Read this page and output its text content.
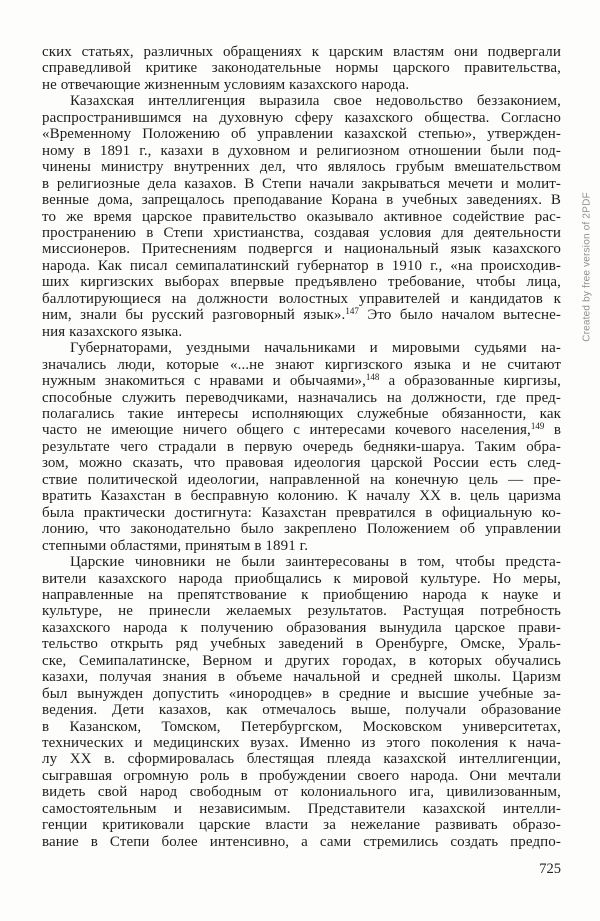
ских статьях, различных обращениях к царским властям они подвергали
справедливой критике законодательные нормы царского правительства,
не отвечающие жизненным условиям казахского народа.
Казахская интеллигенция выразила свое недовольство беззаконием,
распространившимся на духовную сферу казахского общества. Согласно
«Временному Положению об управлении казахской степью», утвержден-
ному в 1891 г., казахи в духовном и религиозном отношении были под-
чинены министру внутренних дел, что являлось грубым вмешательством
в религиозные дела казахов. В Степи начали закрываться мечети и молит-
венные дома, запрещалось преподавание Корана в учебных заведениях. В
то же время царское правительство оказывало активное содействие рас-
пространению в Степи христианства, создавая условия для деятельности
миссионеров. Притеснениям подвергся и национальный язык казахского
народа. Как писал семипалатинский губернатор в 1910 г., «на происходив-
ших киргизских выборах впервые предъявлено требование, чтобы лица,
баллотирующиеся на должности волостных управителей и кандидатов к
ним, знали бы русский разговорный язык».$^{147}$ Это было началом вытесне-
ния казахского языка.
Губернаторами, уездными начальниками и мировыми судьями на-
значались люди, которые «...не знают киргизского языка и не считают
нужным знакомиться с нравами и обычаями»,$^{148}$ а образованные киргизы,
способные служить переводчиками, назначались на должности, где пред-
полагались такие интересы исполняющих служебные обязанности, как
часто не имеющие ничего общего с интересами кочевого населения,$^{149}$ в
результате чего страдали в первую очередь бедняки-шаруа. Таким обра-
зом, можно сказать, что правовая идеология царской России есть след-
ствие политической идеологии, направленной на конечную цель — пре-
вратить Казахстан в бесправную колонию. К началу XX в. цель царизма
была практически достигнута: Казахстан превратился в официальную ко-
лонию, что законодательно было закреплено Положением об управлении
степными областями, принятым в 1891 г.
Царские чиновники не были заинтересованы в том, чтобы предста-
вители казахского народа приобщались к мировой культуре. Но меры,
направленные на препятствование к приобщению народа к науке и
культуре, не принесли желаемых результатов. Растущая потребность
казахского народа к получению образования вынудила царское прави-
тельство открыть ряд учебных заведений в Оренбурге, Омске, Ураль-
ске, Семипалатинске, Верном и других городах, в которых обучались
казахи, получая знания в объеме начальной и средней школы. Царизм
был вынужден допустить «инородцев» в средние и высшие учебные за-
ведения. Дети казахов, как отмечалось выше, получали образование
в Казанском, Томском, Петербургском, Московском университетах,
технических и медицинских вузах. Именно из этого поколения к нача-
лу XX в. сформировалась блестящая плеяда казахской интеллигенции,
сыгравшая огромную роль в пробуждении своего народа. Они мечтали
видеть свой народ свободным от колониального ига, цивилизованным,
самостоятельным и независимым. Представители казахской интелли-
генции критиковали царские власти за нежелание развивать образо-
вание в Степи более интенсивно, а сами стремились создать предпо-
Created by free version of 2PDF
725
